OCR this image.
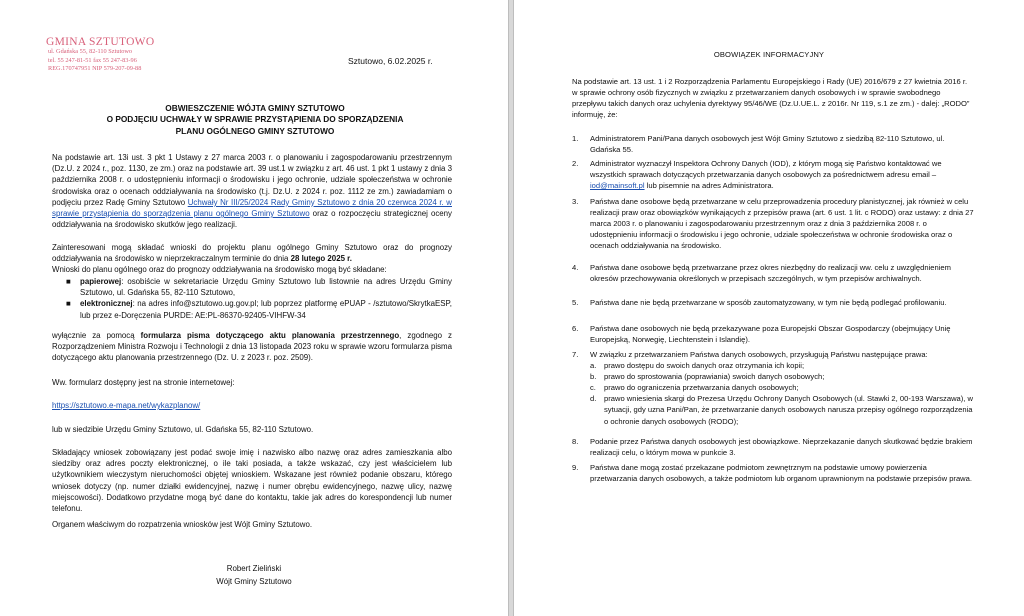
GMINA SZTUTOWO
ul. Gdańska 55, 82-110 Sztutowo
tel. 55 247-81-51 fax 55 247-83-96
REG.170747951 NIP 579-207-09-88
Sztutowo, 6.02.2025 r.
OBWIESZCZENIE WÓJTA GMINY SZTUTOWO
O PODJĘCIU UCHWAŁY W SPRAWIE PRZYSTĄPIENIA DO SPORZĄDZENIA
PLANU OGÓLNEGO GMINY SZTUTOWO
Na podstawie art. 13i ust. 3 pkt 1 Ustawy z 27 marca 2003 r. o planowaniu i zagospodarowaniu przestrzennym (Dz.U. z 2024 r., poz. 1130, ze zm.) oraz na podstawie art. 39 ust.1 w związku z art. 46 ust. 1 pkt 1 ustawy z dnia 3 października 2008 r. o udostępnieniu informacji o środowisku i jego ochronie, udziale społeczeństwa w ochronie środowiska oraz o ocenach oddziaływania na środowisko (t.j. Dz.U. z 2024 r. poz. 1112 ze zm.) zawiadamiam o podjęciu przez Radę Gminy Sztutowo Uchwały Nr III/25/2024 Rady Gminy Sztutowo z dnia 20 czerwca 2024 r. w sprawie przystąpienia do sporządzenia planu ogólnego Gminy Sztutowo oraz o rozpoczęciu strategicznej oceny oddziaływania na środowisko skutków jego realizacji.
Zainteresowani mogą składać wnioski do projektu planu ogólnego Gminy Sztutowo oraz do prognozy oddziaływania na środowisko w nieprzekraczalnym terminie do dnia 28 lutego 2025 r.
Wnioski do planu ogólnego oraz do prognozy oddziaływania na środowisko mogą być składane:
■	papierowej: osobiście w sekretariacie Urzędu Gminy Sztutowo lub listownie na adres Urzędu Gminy Sztutowo, ul. Gdańska 55, 82-110 Sztutowo,
■	elektronicznej: na adres info@sztutowo.ug.gov.pl; lub poprzez platformę ePUAP - /sztutowo/SkrytkaESP, lub przez e-Doręczenia PURDE: AE:PL-86370-92405-VIHFW-34
wyłącznie za pomocą formularza pisma dotyczącego aktu planowania przestrzennego, zgodnego z Rozporządzeniem Ministra Rozwoju i Technologii z dnia 13 listopada 2023 roku w sprawie wzoru formularza pisma dotyczącego aktu planowania przestrzennego (Dz. U. z 2023 r. poz. 2509).
Ww. formularz dostępny jest na stronie internetowej:
https://sztutowo.e-mapa.net/wykazplanow/
lub w siedzibie Urzędu Gminy Sztutowo, ul. Gdańska 55, 82-110 Sztutowo.
Składający wniosek zobowiązany jest podać swoje imię i nazwisko albo nazwę oraz adres zamieszkania albo siedziby oraz adres poczty elektronicznej, o ile taki posiada, a także wskazać, czy jest właścicielem lub użytkownikiem wieczystym nieruchomości objętej wnioskiem. Wskazane jest również podanie obszaru, którego wniosek dotyczy (np. numer działki ewidencyjnej, nazwę i numer obrębu ewidencyjnego, nazwę ulicy, nazwę miejscowości). Dodatkowo przydatne mogą być dane do kontaktu, takie jak adres do korespondencji lub numer telefonu.
Organem właściwym do rozpatrzenia wniosków jest Wójt Gminy Sztutowo.
Robert Zieliński
Wójt Gminy Sztutowo
OBOWIĄZEK INFORMACYJNY
Na podstawie art. 13 ust. 1 i 2 Rozporządzenia Parlamentu Europejskiego i Rady (UE) 2016/679 z 27 kwietnia 2016 r. w sprawie ochrony osób fizycznych w związku z przetwarzaniem danych osobowych i w sprawie swobodnego przepływu takich danych oraz uchylenia dyrektywy 95/46/WE (Dz.U.UE.L. z 2016r. Nr 119, s.1 ze zm.) - dalej: „RODO” informuję, że:
1.	Administratorem Pani/Pana danych osobowych jest Wójt Gminy Sztutowo z siedzibą 82-110 Sztutowo, ul. Gdańska 55.
2.	Administrator wyznaczył Inspektora Ochrony Danych (IOD), z którym mogą się Państwo kontaktować we wszystkich sprawach dotyczących przetwarzania danych osobowych za pośrednictwem adresu email – iod@mainsoft.pl lub pisemnie na adres Administratora.
3.	Państwa dane osobowe będą przetwarzane w celu przeprowadzenia procedury planistycznej, jak również w celu realizacji praw oraz obowiązków wynikających z przepisów prawa (art. 6 ust. 1 lit. c RODO) oraz ustawy: z dnia 27 marca 2003 r. o planowaniu i zagospodarowaniu przestrzennym oraz z dnia 3 października 2008 r. o udostępnieniu informacji o środowisku i jego ochronie, udziale społeczeństwa w ochronie środowiska oraz o ocenach oddziaływania na środowisko.
4.	Państwa dane osobowe będą przetwarzane przez okres niezbędny do realizacji ww. celu z uwzględnieniem okresów przechowywania określonych w przepisach szczególnych, w tym przepisów archiwalnych.
5.	Państwa dane nie będą przetwarzane w sposób zautomatyzowany, w tym nie będą podlegać profilowaniu.
6.	Państwa dane osobowych nie będą przekazywane poza Europejski Obszar Gospodarczy (obejmujący Unię Europejską, Norwegię, Liechtenstein i Islandię).
7.	W związku z przetwarzaniem Państwa danych osobowych, przysługują Państwu następujące prawa:
a.	prawo dostępu do swoich danych oraz otrzymania ich kopii;
b.	prawo do sprostowania (poprawiania) swoich danych osobowych;
c.	prawo do ograniczenia przetwarzania danych osobowych;
d.	prawo wniesienia skargi do Prezesa Urzędu Ochrony Danych Osobowych (ul. Stawki 2, 00-193 Warszawa), w sytuacji, gdy uzna Pani/Pan, że przetwarzanie danych osobowych narusza przepisy ogólnego rozporządzenia o ochronie danych osobowych (RODO);
8.	Podanie przez Państwa danych osobowych jest obowiązkowe. Nieprzekazanie danych skutkować będzie brakiem realizacji celu, o którym mowa w punkcie 3.
9.	Państwa dane mogą zostać przekazane podmiotom zewnętrznym na podstawie umowy powierzenia przetwarzania danych osobowych, a także podmiotom lub organom uprawnionym na podstawie przepisów prawa.
